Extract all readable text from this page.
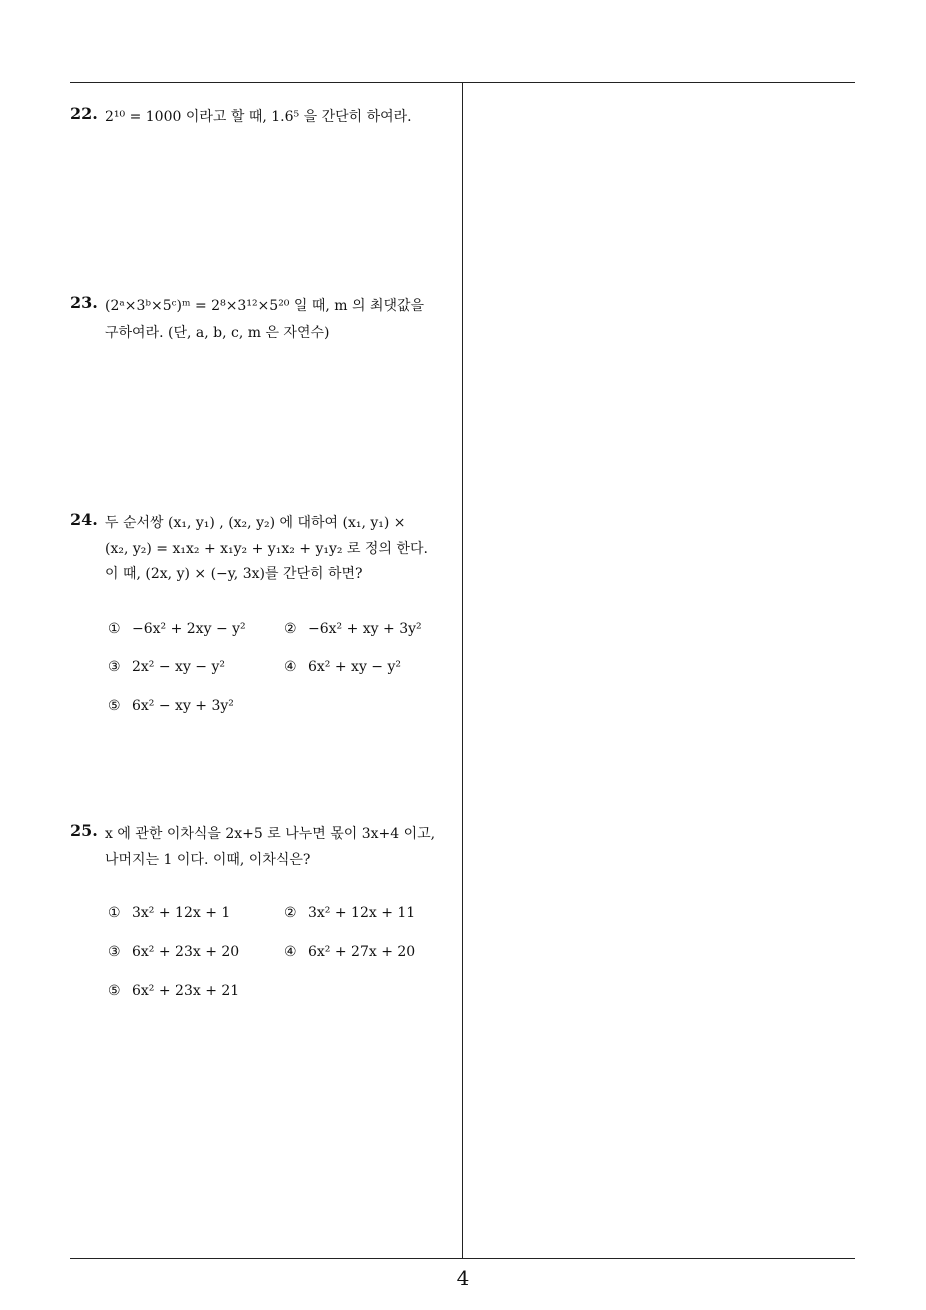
22. 2¹⁰ = 1000 이라고 할 때, 1.6⁵ 을 간단히 하여라.
23. (2ᵃ×3ᵇ×5ᶜ)ᵐ = 2⁸×3¹²×5²⁰ 일 때, m 의 최댓값을
구하여라. (단, a, b, c, m 은 자연수)
24. 두 순서쌍 (x₁, y₁) , (x₂, y₂) 에 대하여 (x₁, y₁) ×
(x₂, y₂) = x₁x₂ + x₁y₂ + y₁x₂ + y₁y₂ 로 정의 한다.
이 때, (2x, y) × (−y, 3x)를 간단히 하면?
① −6x² + 2xy − y²	② −6x² + xy + 3y²
③ 2x² − xy − y²	④ 6x² + xy − y²
⑤ 6x² − xy + 3y²
25. x 에 관한 이차식을 2x+5 로 나누면 몫이 3x+4 이고,
나머지는 1 이다. 이때, 이차식은?
① 3x² + 12x + 1	② 3x² + 12x + 11
③ 6x² + 23x + 20	④ 6x² + 27x + 20
⑤ 6x² + 23x + 21
4
